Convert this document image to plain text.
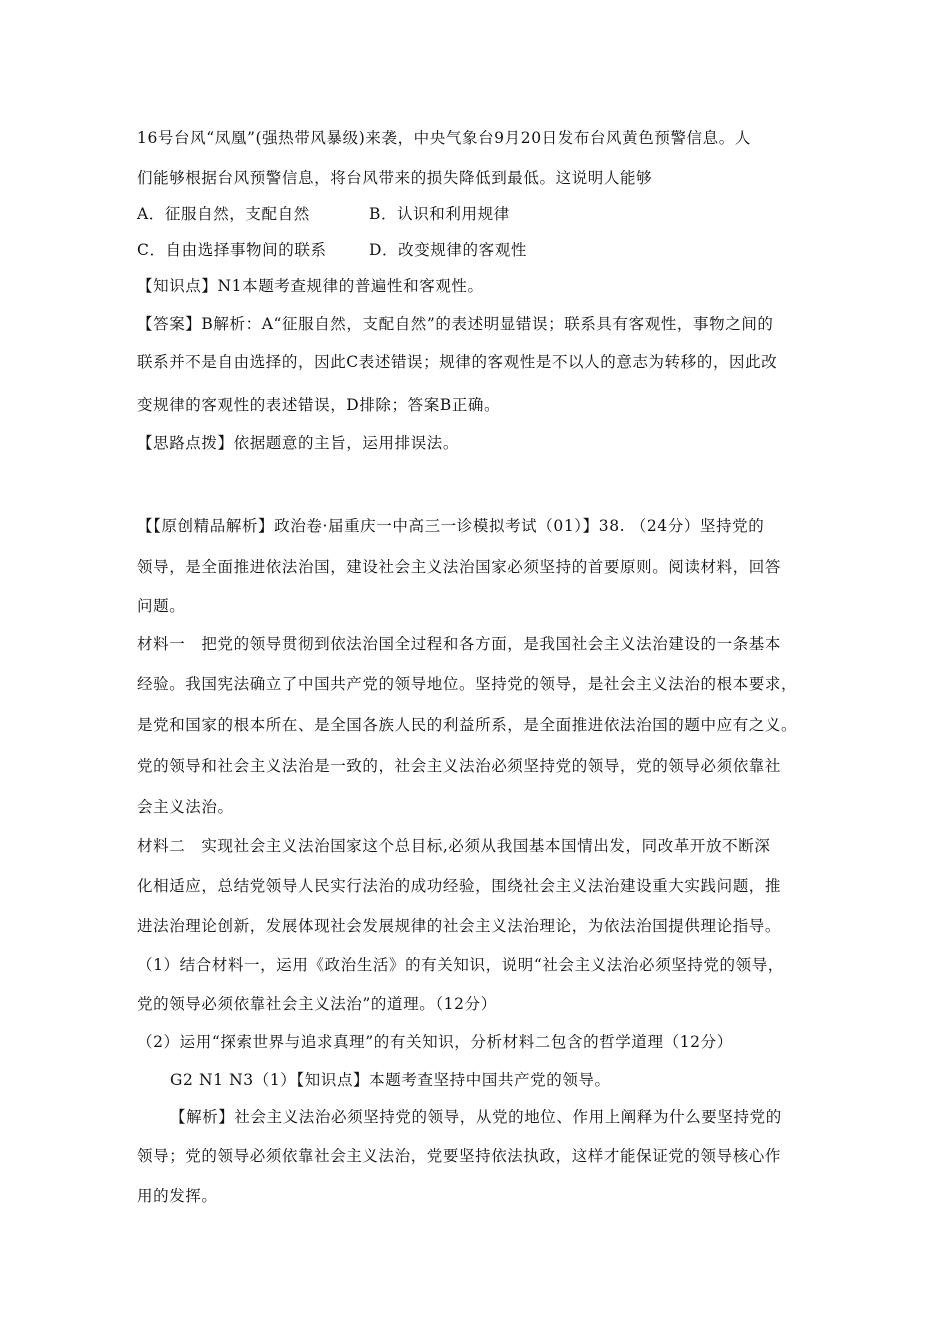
16号台风“凤凰”(强热带风暴级)来袭，中央气象台9月20日发布台风黄色预警信息。人
们能够根据台风预警信息，将台风带来的损失降低到最低。这说明人能够
A．征服自然，支配自然	B．认识和利用规律
C．自由选择事物间的联系	D．改变规律的客观性
【知识点】N1本题考查规律的普遍性和客观性。
【答案】B解析：A“征服自然，支配自然”的表述明显错误；联系具有客观性，事物之间的
联系并不是自由选择的，因此C表述错误；规律的客观性是不以人的意志为转移的，因此改
变规律的客观性的表述错误，D排除；答案B正确。
【思路点拨】依据题意的主旨，运用排误法。
【【原创精品解析】政治卷·届重庆一中高三一诊模拟考试（01）】38. （24分）坚持党的
领导，是全面推进依法治国，建设社会主义法治国家必须坚持的首要原则。阅读材料，回答
问题。
材料一　把党的领导贯彻到依法治国全过程和各方面，是我国社会主义法治建设的一条基本
经验。我国宪法确立了中国共产党的领导地位。坚持党的领导，是社会主义法治的根本要求，
是党和国家的根本所在、是全国各族人民的利益所系，是全面推进依法治国的题中应有之义。
党的领导和社会主义法治是一致的，社会主义法治必须坚持党的领导，党的领导必须依靠社
会主义法治。
材料二　实现社会主义法治国家这个总目标,必须从我国基本国情出发，同改革开放不断深
化相适应，总结党领导人民实行法治的成功经验，围绕社会主义法治建设重大实践问题，推
进法治理论创新，发展体现社会发展规律的社会主义法治理论，为依法治国提供理论指导。
（1）结合材料一，运用《政治生活》的有关知识，说明“社会主义法治必须坚持党的领导，
党的领导必须依靠社会主义法治”的道理。（12分）
（2）运用“探索世界与追求真理”的有关知识，分析材料二包含的哲学道理（12分）
G2 N1 N3（1）【知识点】本题考查坚持中国共产党的领导。
【解析】社会主义法治必须坚持党的领导，从党的地位、作用上阐释为什么要坚持党的
领导；党的领导必须依靠社会主义法治，党要坚持依法执政，这样才能保证党的领导核心作
用的发挥。
